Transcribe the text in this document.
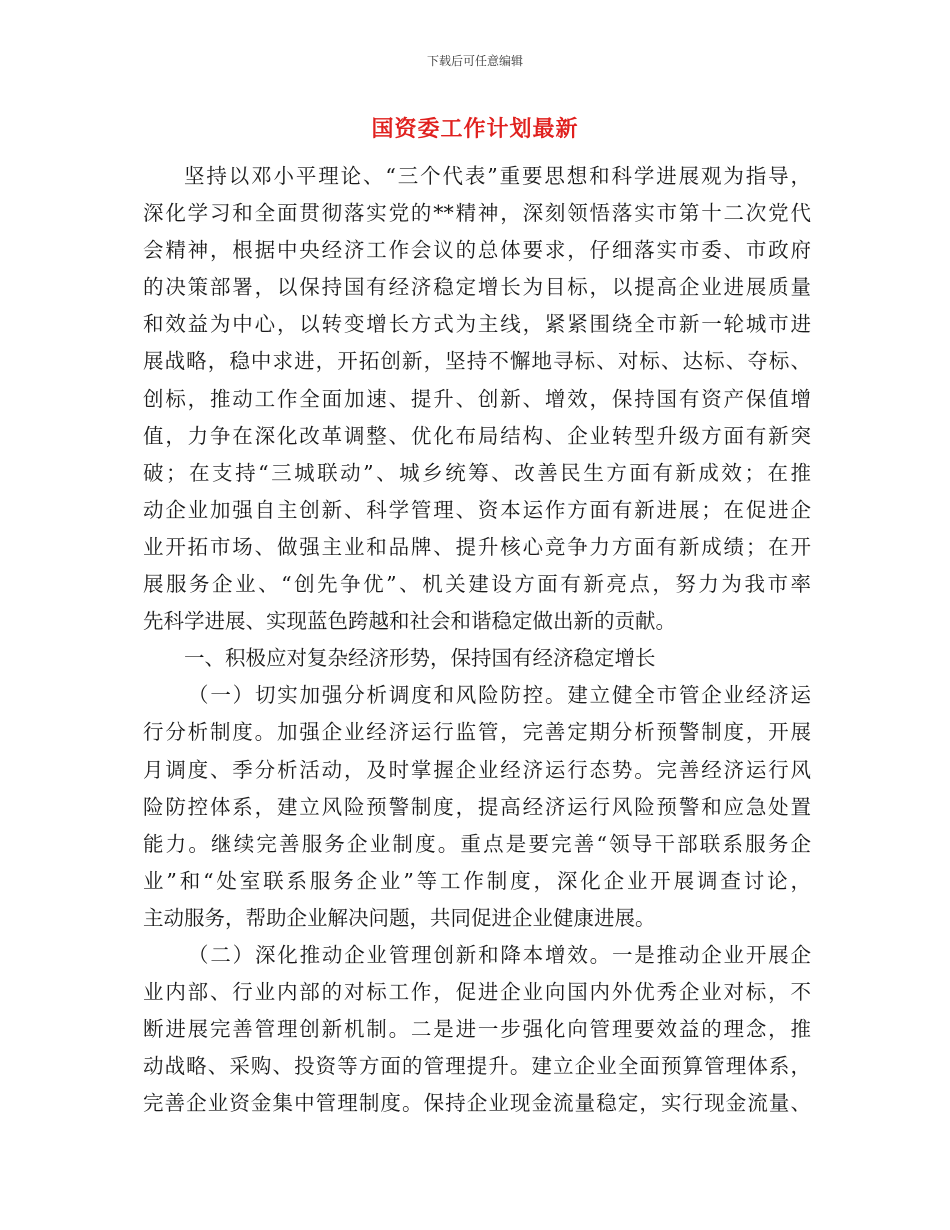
下载后可任意编辑
国资委工作计划最新
坚持以邓小平理论、“三个代表”重要思想和科学进展观为指导，
深化学习和全面贯彻落实党的**精神，深刻领悟落实市第十二次党代
会精神，根据中央经济工作会议的总体要求，仔细落实市委、市政府
的决策部署，以保持国有经济稳定增长为目标，以提高企业进展质量
和效益为中心，以转变增长方式为主线，紧紧围绕全市新一轮城市进
展战略，稳中求进，开拓创新，坚持不懈地寻标、对标、达标、夺标、
创标，推动工作全面加速、提升、创新、增效，保持国有资产保值增
值，力争在深化改革调整、优化布局结构、企业转型升级方面有新突
破；在支持“三城联动”、城乡统筹、改善民生方面有新成效；在推
动企业加强自主创新、科学管理、资本运作方面有新进展；在促进企
业开拓市场、做强主业和品牌、提升核心竞争力方面有新成绩；在开
展服务企业、“创先争优”、机关建设方面有新亮点，努力为我市率
先科学进展、实现蓝色跨越和社会和谐稳定做出新的贡献。
一、积极应对复杂经济形势，保持国有经济稳定增长
（一）切实加强分析调度和风险防控。建立健全市管企业经济运
行分析制度。加强企业经济运行监管，完善定期分析预警制度，开展
月调度、季分析活动，及时掌握企业经济运行态势。完善经济运行风
险防控体系，建立风险预警制度，提高经济运行风险预警和应急处置
能力。继续完善服务企业制度。重点是要完善“领导干部联系服务企
业”和“处室联系服务企业”等工作制度，深化企业开展调查讨论，
主动服务，帮助企业解决问题，共同促进企业健康进展。
（二）深化推动企业管理创新和降本增效。一是推动企业开展企
业内部、行业内部的对标工作，促进企业向国内外优秀企业对标，不
断进展完善管理创新机制。二是进一步强化向管理要效益的理念，推
动战略、采购、投资等方面的管理提升。建立企业全面预算管理体系，
完善企业资金集中管理制度。保持企业现金流量稳定，实行现金流量、
